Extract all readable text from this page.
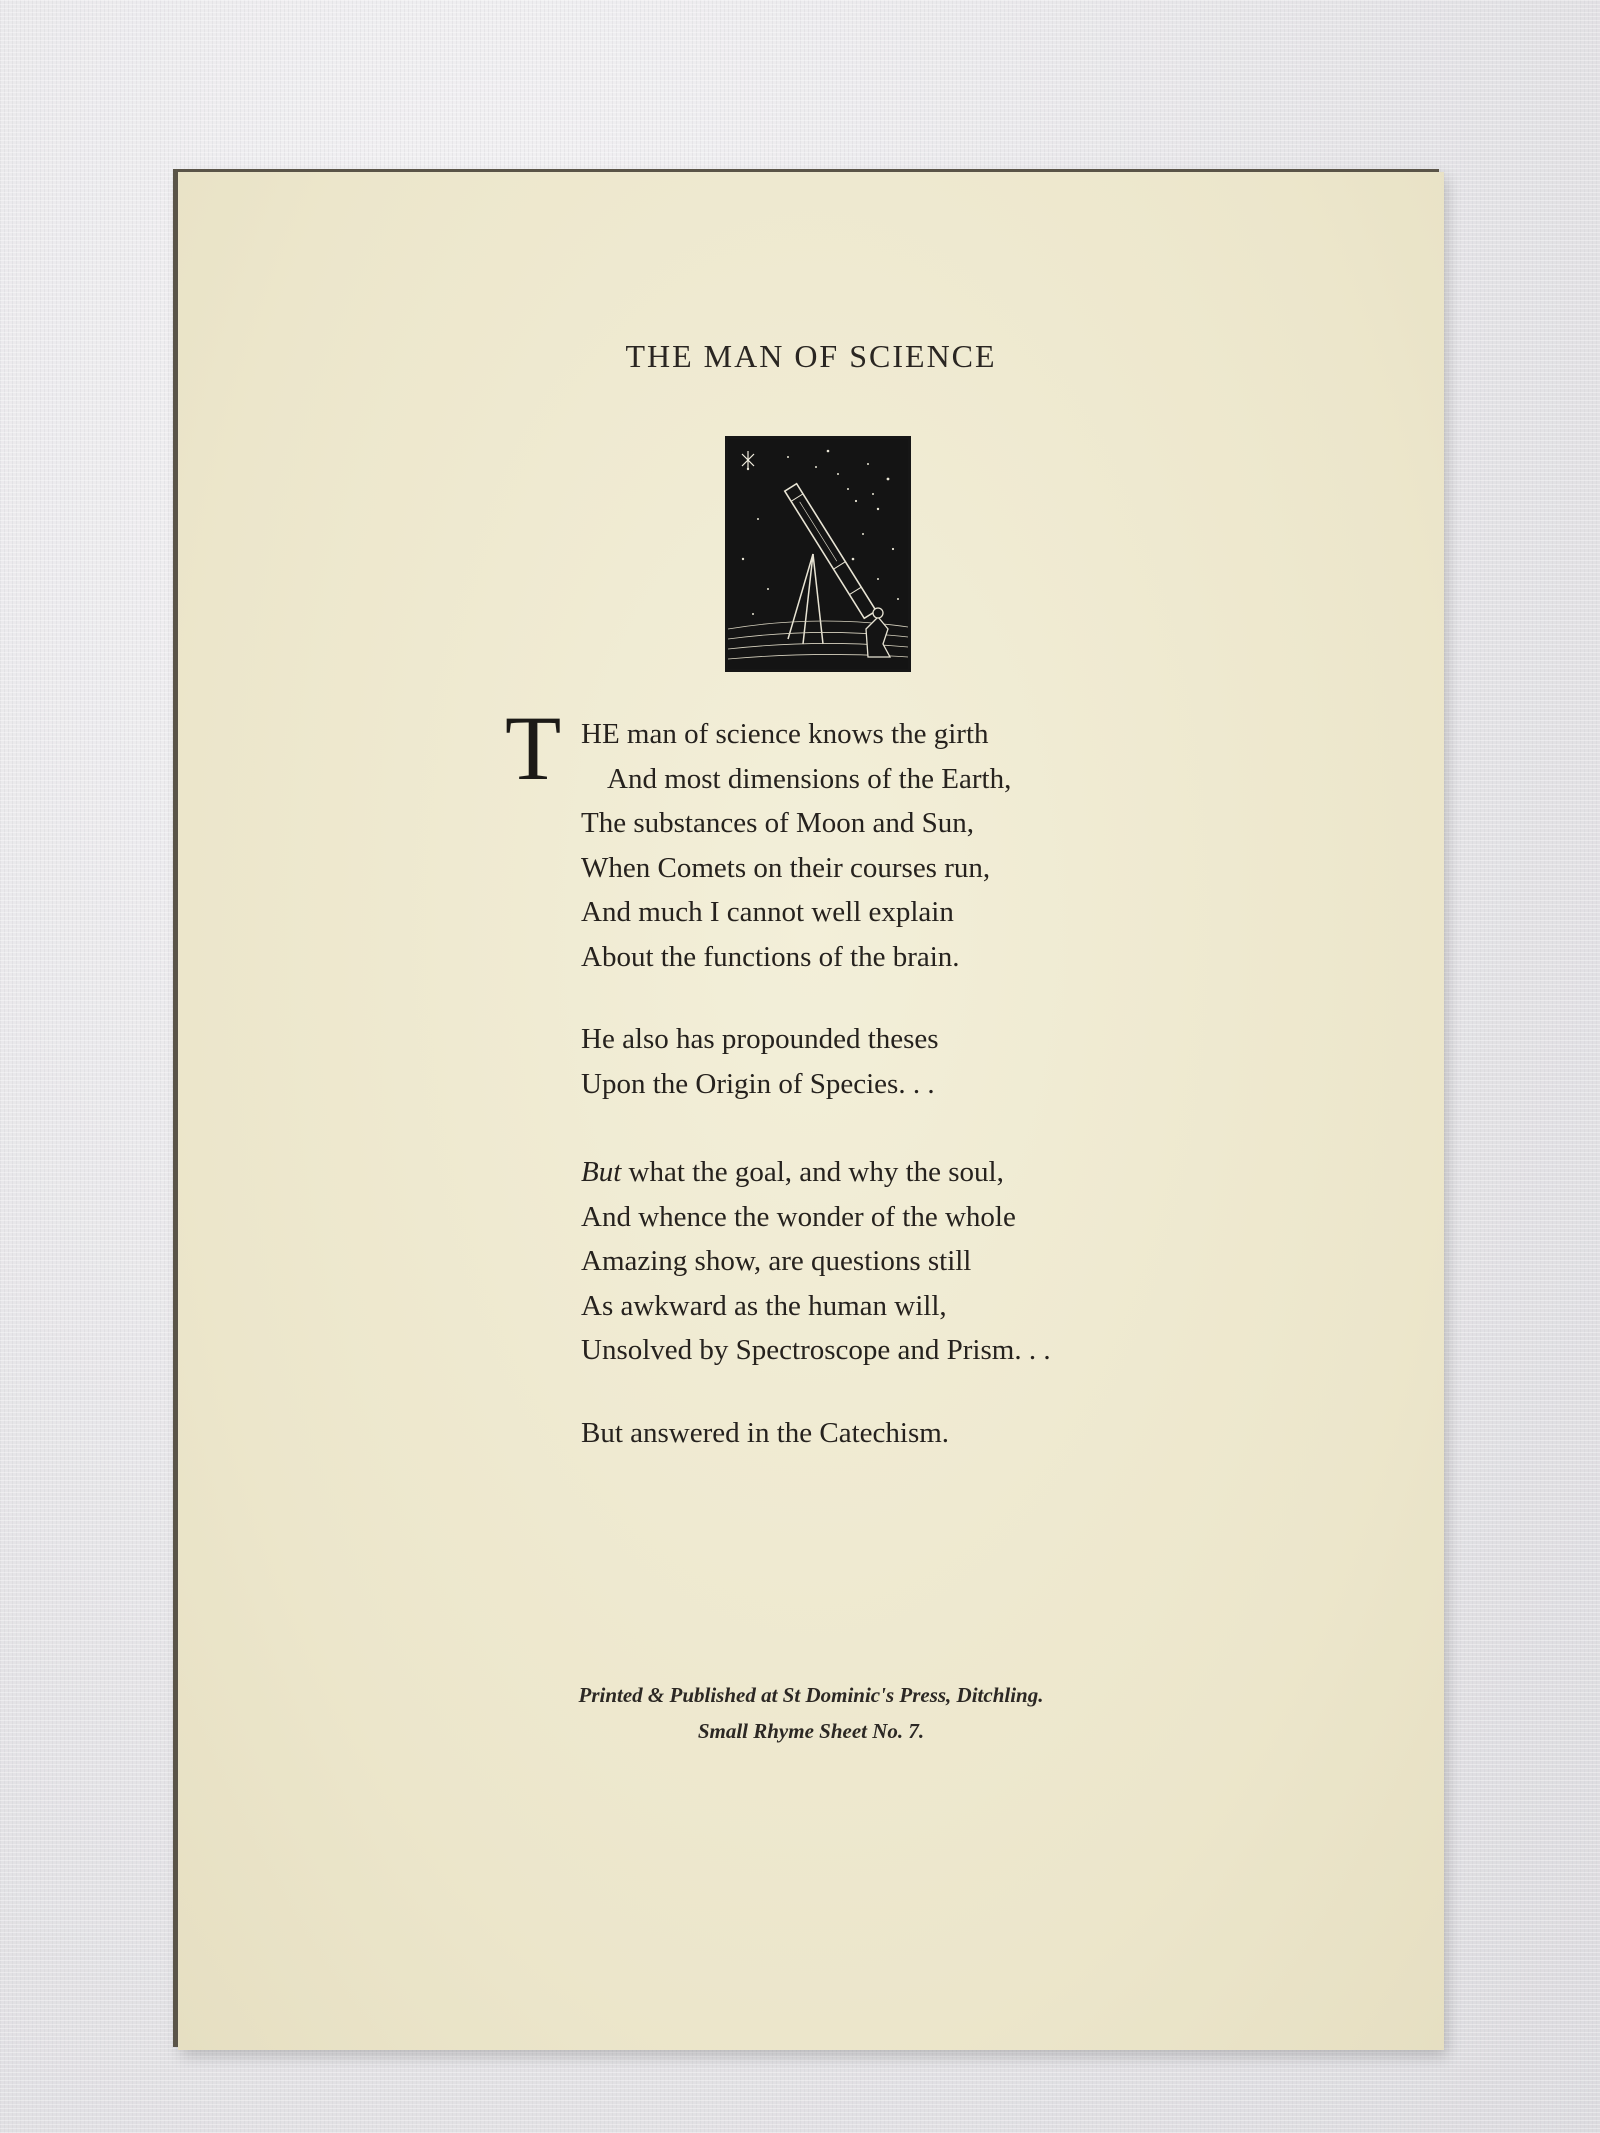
THE MAN OF SCIENCE
T HE man of science knows the girth
And most dimensions of the Earth,
The substances of Moon and Sun,
When Comets on their courses run,
And much I cannot well explain
About the functions of the brain.
He also has propounded theses
Upon the Origin of Species. . .
But what the goal, and why the soul,
And whence the wonder of the whole
Amazing show, are questions still
As awkward as the human will,
Unsolved by Spectroscope and Prism. . .
But answered in the Catechism.
Printed & Published at St Dominic's Press, Ditchling.
Small Rhyme Sheet No. 7.
